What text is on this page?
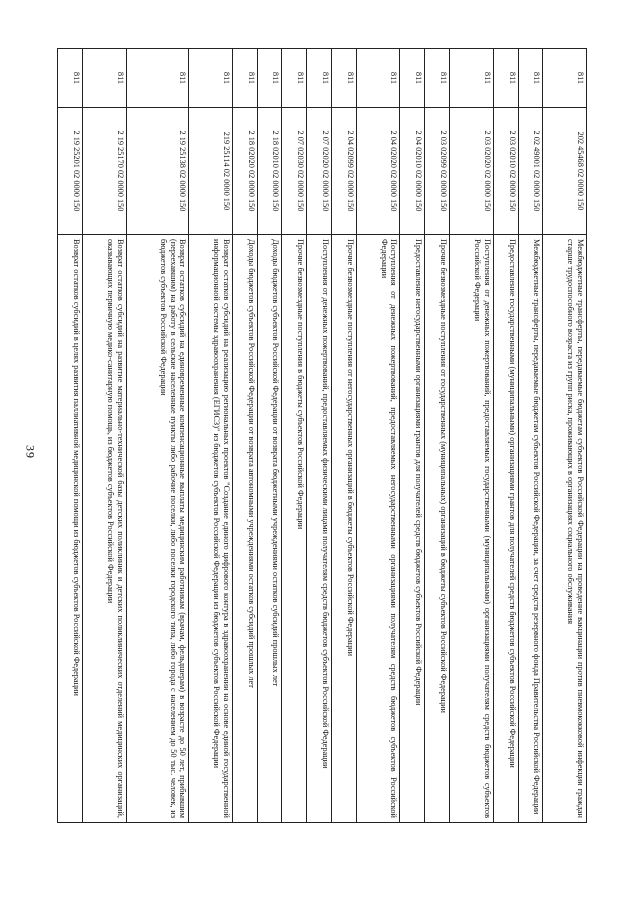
39
811	202 45468 02 0000 150	Межбюджетные трансферты, передаваемые бюджетам субъектов Российской Федерации на проведение вакцинации против пневмококковой инфекции граждан старше трудоспособного возраста из групп риска, проживающих в организациях социального обслуживания
811	2 02 49001 02 0000 150	Межбюджетные трансферты, передаваемые бюджетам субъектов Российской Федерации, за счет средств резервного фонда Правительства Российской Федерации
811	2 03 02010 02 0000 150	Предоставление государственными (муниципальными) организациями грантов для получателей средств бюджетов субъектов Российской Федерации
811	2 03 02020 02 0000 150	Поступления от денежных пожертвований, предоставляемых государственными (муниципальными) организациями получателям средств бюджетов субъектов Российской Федерации
811	2 03 02099 02 0000 150	Прочие безвозмездные поступления от государственных (муниципальных) организаций в бюджеты субъектов Российской Федерации
811	2 04 02010 02 0000 150	Предоставление негосударственными организациями грантов для получателей средств бюджетов субъектов Российской Федерации
811	2 04 02020 02 0000 150	Поступления от денежных пожертвований, предоставляемых негосударственными организациями получателям средств бюджетов субъектов Российской Федерации
811	2 04 02099 02 0000 150	Прочие безвозмездные поступления от негосударственных организаций в бюджеты субъектов Российской Федерации
811	2 07 02020 02 0000 150	Поступления от денежных пожертвований, предоставляемых физическими лицами получателям средств бюджетов субъектов Российской Федерации
811	2 07 02030 02 0000 150	Прочие безвозмездные поступления в бюджеты субъектов Российской Федерации
811	2 18 02010 02 0000 150	Доходы бюджетов субъектов Российской Федерации от возврата бюджетными учреждениями остатков субсидий прошлых лет
811	2 18 02020 02 0000 150	Доходы бюджетов субъектов Российской Федерации от возврата автономными учреждениями остатков субсидий прошлых лет
811	219 25114 02 0000 150	Возврат остатков субсидий на реализацию региональных проектов "Создание единого цифрового контура в здравоохранении на основе единой государственной информационной системы здравоохранения (ЕГИСЗ)" из бюджетов субъектов Российской Федерации из бюджетов субъектов Российской Федерации
811	2 19 25138 02 0000 150	Возврат остатков субсидий на единовременные компенсационные выплаты медицинским работникам (врачам, фельдшерам) в возрасте до 50 лет, прибывшим (переехавшим) на работу в сельские населенные пункты либо рабочие поселки, либо поселки городского типа, либо города с населением до 50 тыс. человек, из бюджетов субъектов Российской Федерации
811	2 19 25170 02 0000 150	Возврат остатков субсидий на развитие материально-технической базы детских поликлиник и детских поликлинических отделений медицинских организаций, оказывающих первичную медико-санитарную помощь, из бюджетов субъектов Российской Федерации
811	2 19 25201 02 0000 150	Возврат остатков субсидий в целях развития паллиативной медицинской помощи из бюджетов субъектов Российской Федерации
